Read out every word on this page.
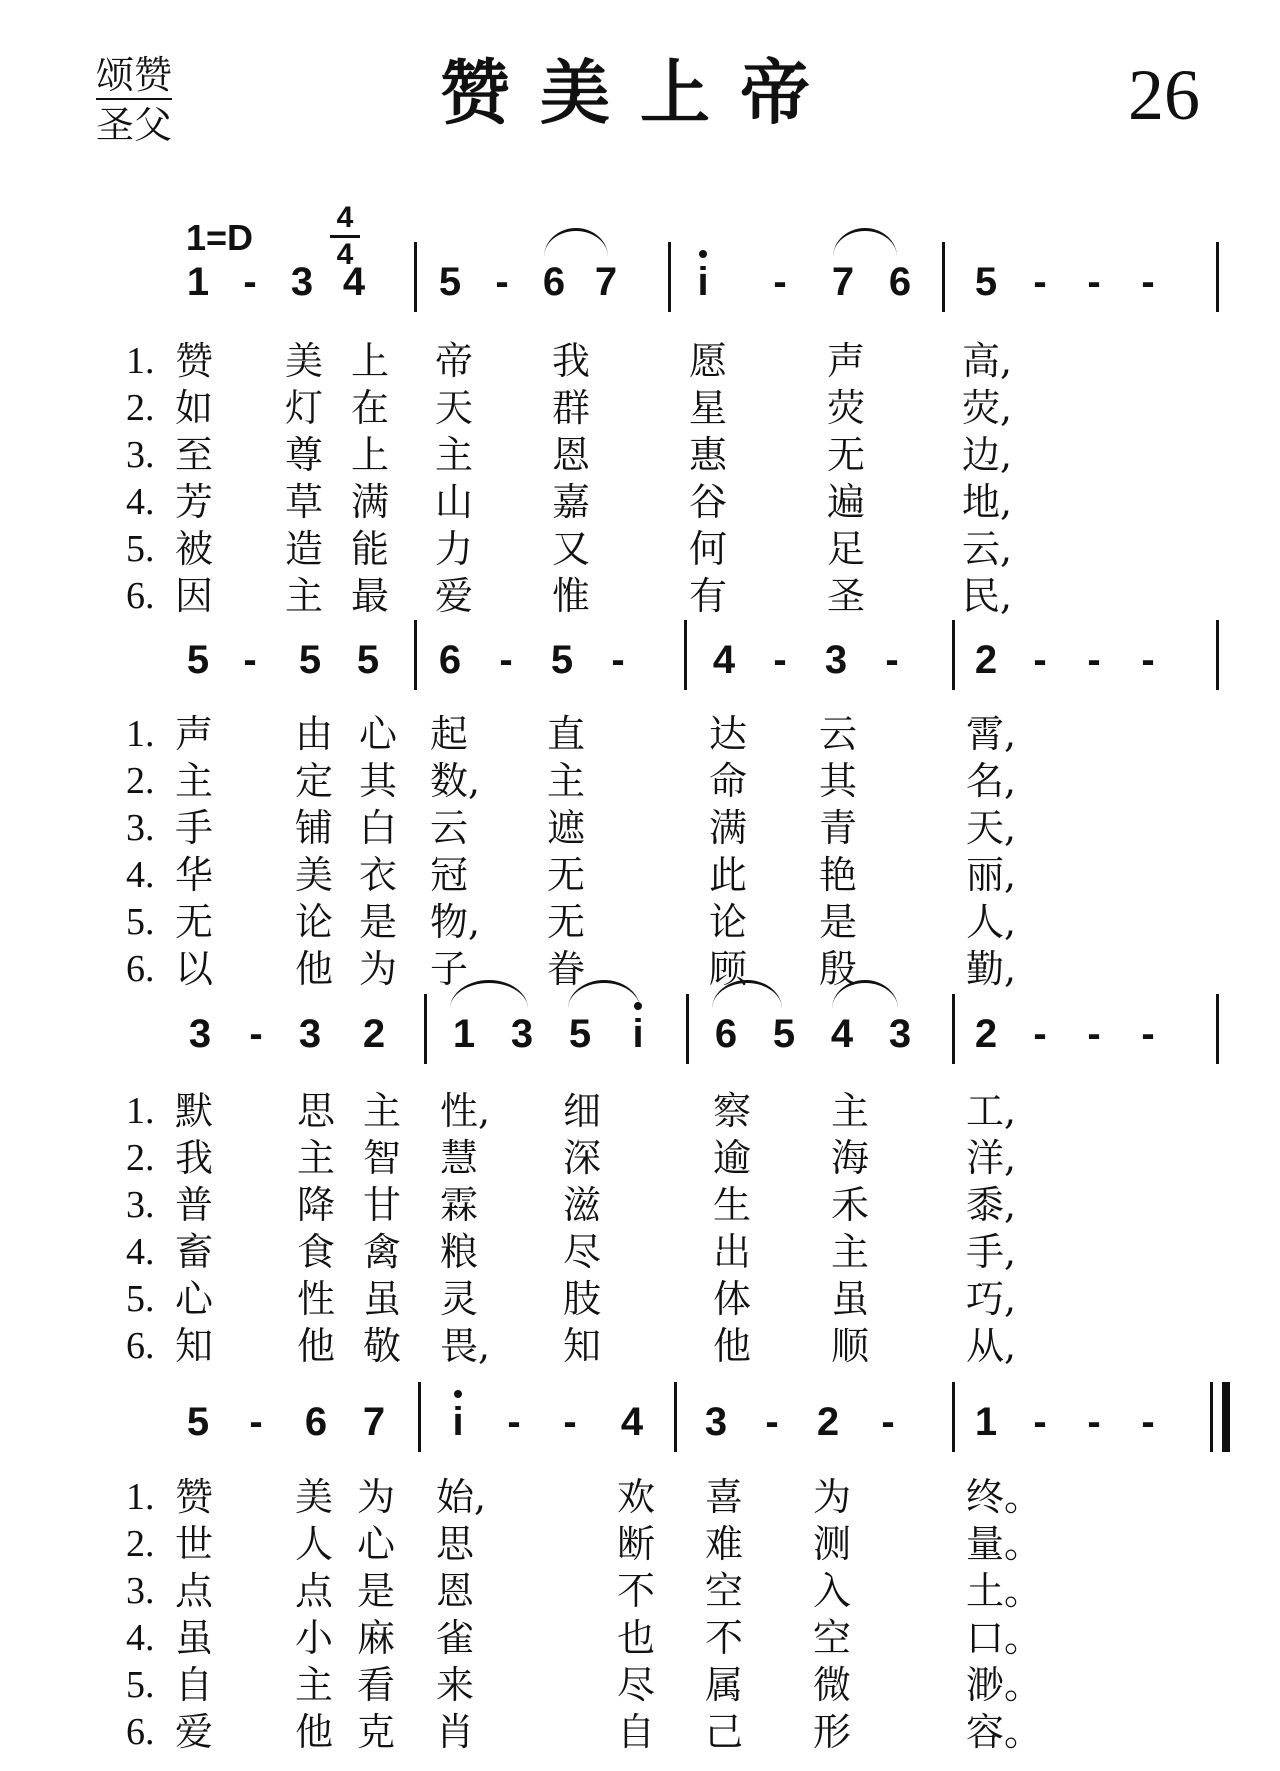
颂赞
圣父	赞美上帝	26
1=D	4
4
1 - 3 4 5 - 6 7	i	-	7 6 5 -	-	-
1. 赞 美 上 帝 我	愿	声	高,
2. 如 灯 在 天 群	星	荧	荧,
3. 至 尊 上 主 恩	惠	无	边,
4. 芳 草 满 山 嘉	谷	遍	地,
5. 被 造 能 力 又	何	足	云,
6. 因 主 最 爱 惟	有	圣	民,
5 -	5 5 6 - 5 -	4 - 3 -	2 -	-	-
1. 声 由 心 起	直	达 云	霄,
2. 主 定 其 数,	主	命 其	名,
3. 手 铺 白 云	遮	满 青	天,
4. 华 美 衣 冠	无	此 艳	丽,
5. 无 论 是 物,	无	论 是	人,
6. 以 他 为 子	眷	顾 殷	勤,
3 - 3 2 1 3 5	i	6 5 4 3 2 -	-	-
1. 默 思 主 性,	细	察 主	工,
2. 我 主 智 慧	深	逾 海	洋,
3. 普 降 甘 霖	滋	生 禾	黍,
4. 畜 食 禽 粮	尽	出 主	手,
5. 心 性 虽 灵	肢	体 虽	巧,
6. 知 他 敬 畏,	知	他 顺	从,
5	-	6 7	i	-	-	4 3 - 2	-	1 -	-	-
1. 赞 美 为 始,	欢 喜 为	终。
2. 世 人 心 思	断 难 测	量。
3. 点 点 是 恩	不 空 入	土。
4. 虽 小 麻 雀	也 不 空	口。
5. 自 主 看 来	尽 属 微	渺。
6. 爱 他 克 肖	自 己 形	容。
